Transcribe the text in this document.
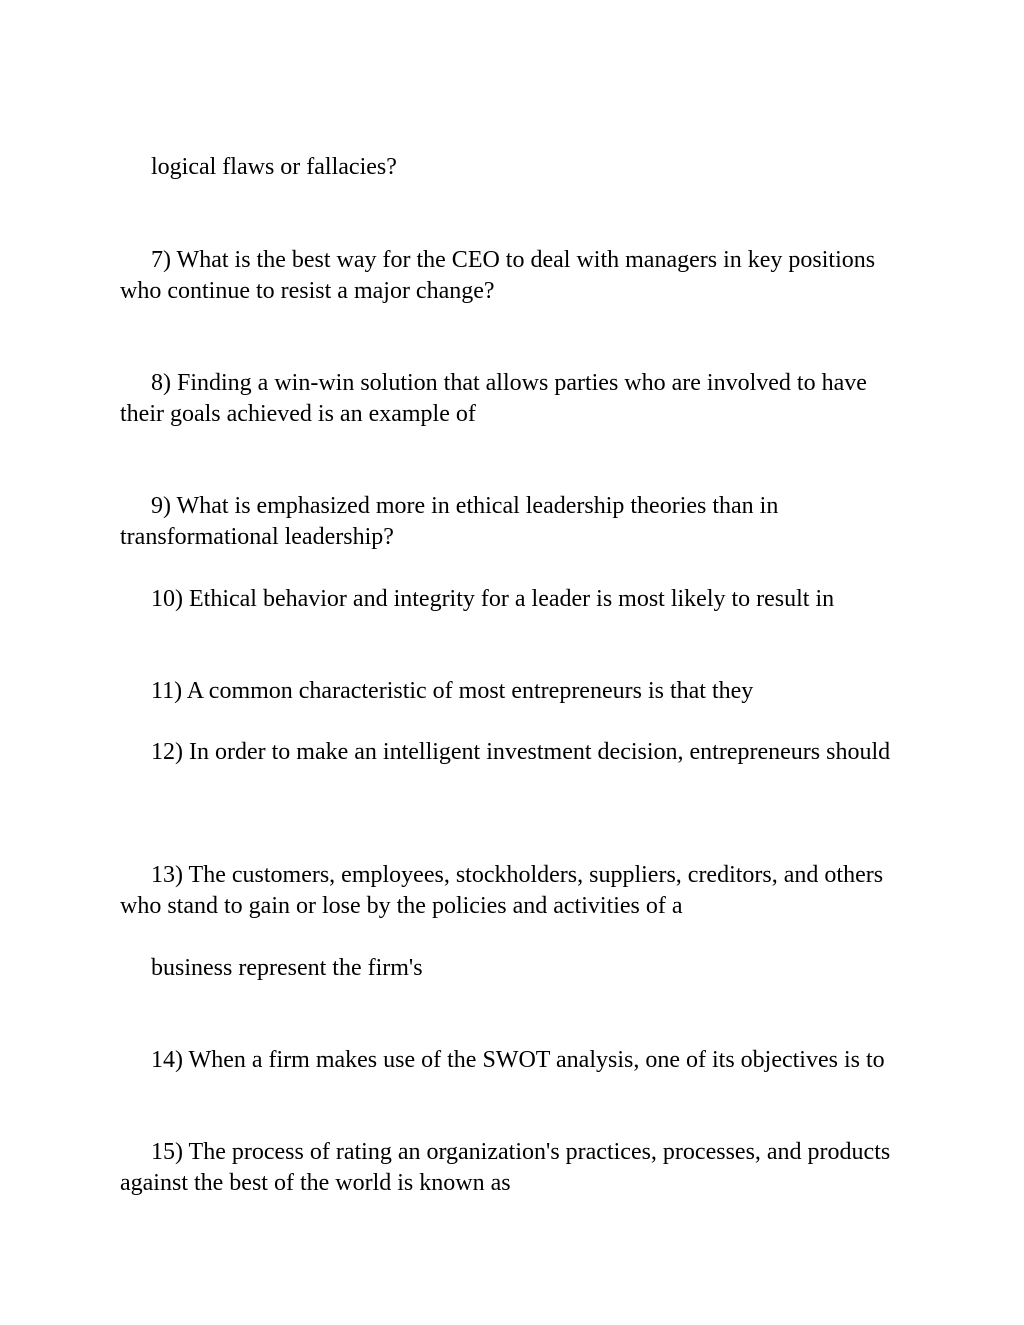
logical flaws or fallacies?

7) What is the best way for the CEO to deal with managers in key positions who continue to resist a major change?

8) Finding a win-win solution that allows parties who are involved to have their goals achieved is an example of

9) What is emphasized more in ethical leadership theories than in transformational leadership?

10) Ethical behavior and integrity for a leader is most likely to result in

11) A common characteristic of most entrepreneurs is that they

12) In order to make an intelligent investment decision, entrepreneurs should

13) The customers, employees, stockholders, suppliers, creditors, and others who stand to gain or lose by the policies and activities of a

business represent the firm's

14) When a firm makes use of the SWOT analysis, one of its objectives is to

15) The process of rating an organization's practices, processes, and products against the best of the world is known as
